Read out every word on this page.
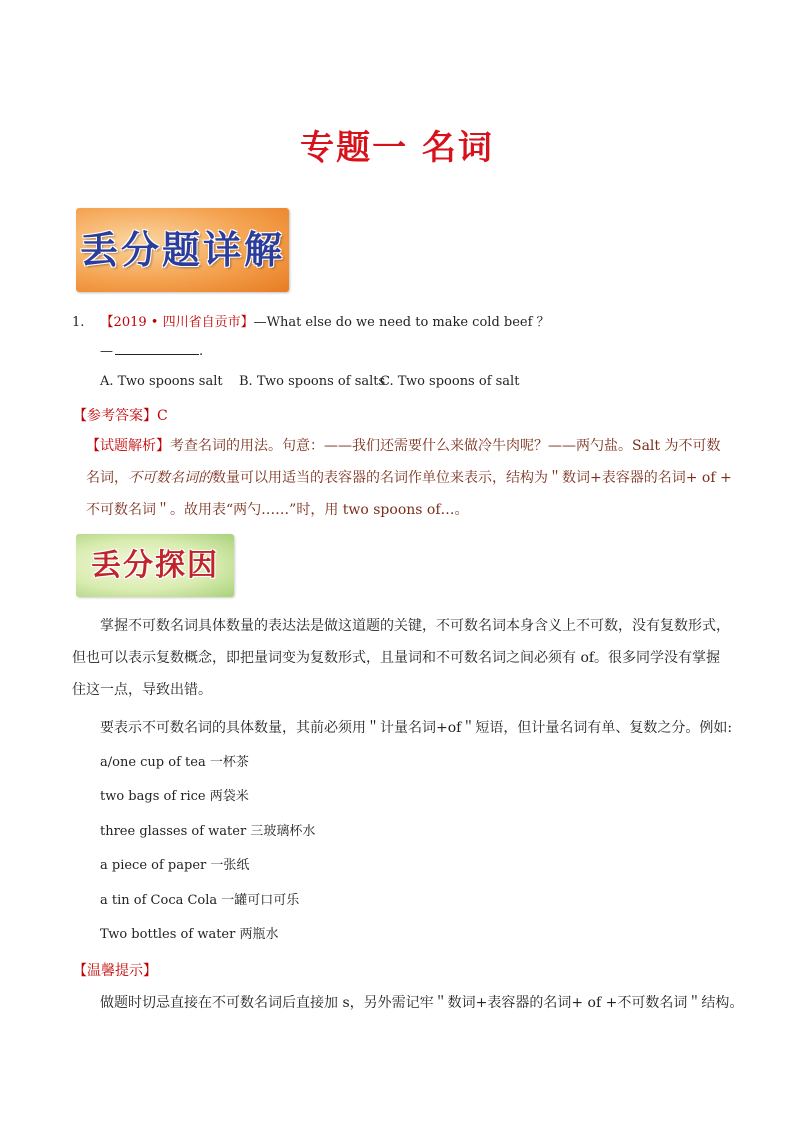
专题一 名词
丢分题详解
1. 【2019 • 四川省自贡市】—What else do we need to make cold beef ？
—	.
A. Two spoons salt B. Two spoons of salts
C. Two spoons of salt
【参考答案】C
【试题解析】考查名词的用法。句意：——我们还需要什么来做冷牛肉呢？——两勺盐。Salt 为不可数
名词，不可数名词的数量可以用适当的表容器的名词作单位来表示，结构为＂数词+表容器的名词+ of +
不可数名词＂。故用表“两勺……”时，用 two spoons of…。
丢分探因
掌握不可数名词具体数量的表达法是做这道题的关键，不可数名词本身含义上不可数，没有复数形式，
但也可以表示复数概念，即把量词变为复数形式，且量词和不可数名词之间必须有 of。很多同学没有掌握
住这一点，导致出错。
要表示不可数名词的具体数量，其前必须用＂计量名词+of＂短语，但计量名词有单、复数之分。例如:
a/one cup of tea 一杯茶
two bags of rice 两袋米
three glasses of water 三玻璃杯水
a piece of paper 一张纸
a tin of Coca Cola 一罐可口可乐
Two bottles of water 两瓶水
【温馨提示】
做题时切忌直接在不可数名词后直接加 s，另外需记牢＂数词+表容器的名词+ of +不可数名词＂结构。
